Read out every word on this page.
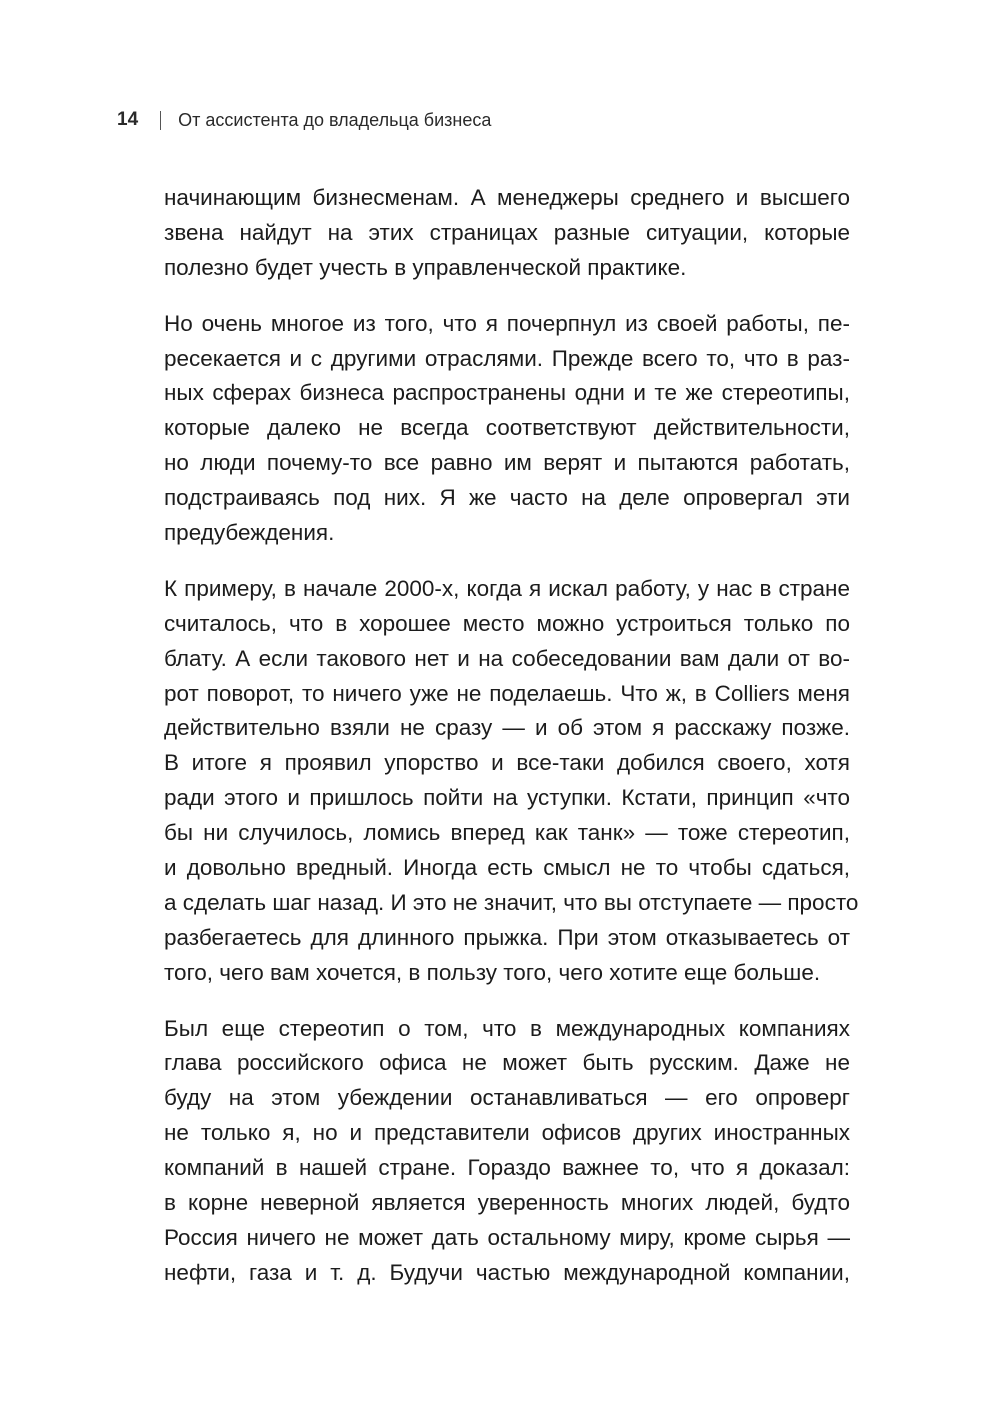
14 От ассистента до владельца бизнеса
начинающим бизнесменам. А менеджеры среднего и высшего
звена найдут на этих страницах разные ситуации, которые
полезно будет учесть в управленческой практике.
Но очень многое из того, что я почерпнул из своей работы, пе-
ресекается и с другими отраслями. Прежде всего то, что в раз-
ных сферах бизнеса распространены одни и те же стереотипы,
которые далеко не всегда соответствуют действительности,
но люди почему-то все равно им верят и пытаются работать,
подстраиваясь под них. Я же часто на деле опровергал эти
предубеждения.
К примеру, в начале 2000-х, когда я искал работу, у нас в стране
считалось, что в хорошее место можно устроиться только по
блату. А если такового нет и на собеседовании вам дали от во-
рот поворот, то ничего уже не поделаешь. Что ж, в Colliers меня
действительно взяли не сразу — и об этом я расскажу позже.
В итоге я проявил упорство и все-таки добился своего, хотя
ради этого и пришлось пойти на уступки. Кстати, принцип «что
бы ни случилось, ломись вперед как танк» — тоже стереотип,
и довольно вредный. Иногда есть смысл не то чтобы сдаться,
а сделать шаг назад. И это не значит, что вы отступаете — просто
разбегаетесь для длинного прыжка. При этом отказываетесь от
того, чего вам хочется, в пользу того, чего хотите еще больше.
Был еще стереотип о том, что в международных компаниях
глава российского офиса не может быть русским. Даже не
буду на этом убеждении останавливаться — его опроверг
не только я, но и представители офисов других иностранных
компаний в нашей стране. Гораздо важнее то, что я доказал:
в корне неверной является уверенность многих людей, будто
Россия ничего не может дать остальному миру, кроме сырья —
нефти, газа и т. д. Будучи частью международной компании,
